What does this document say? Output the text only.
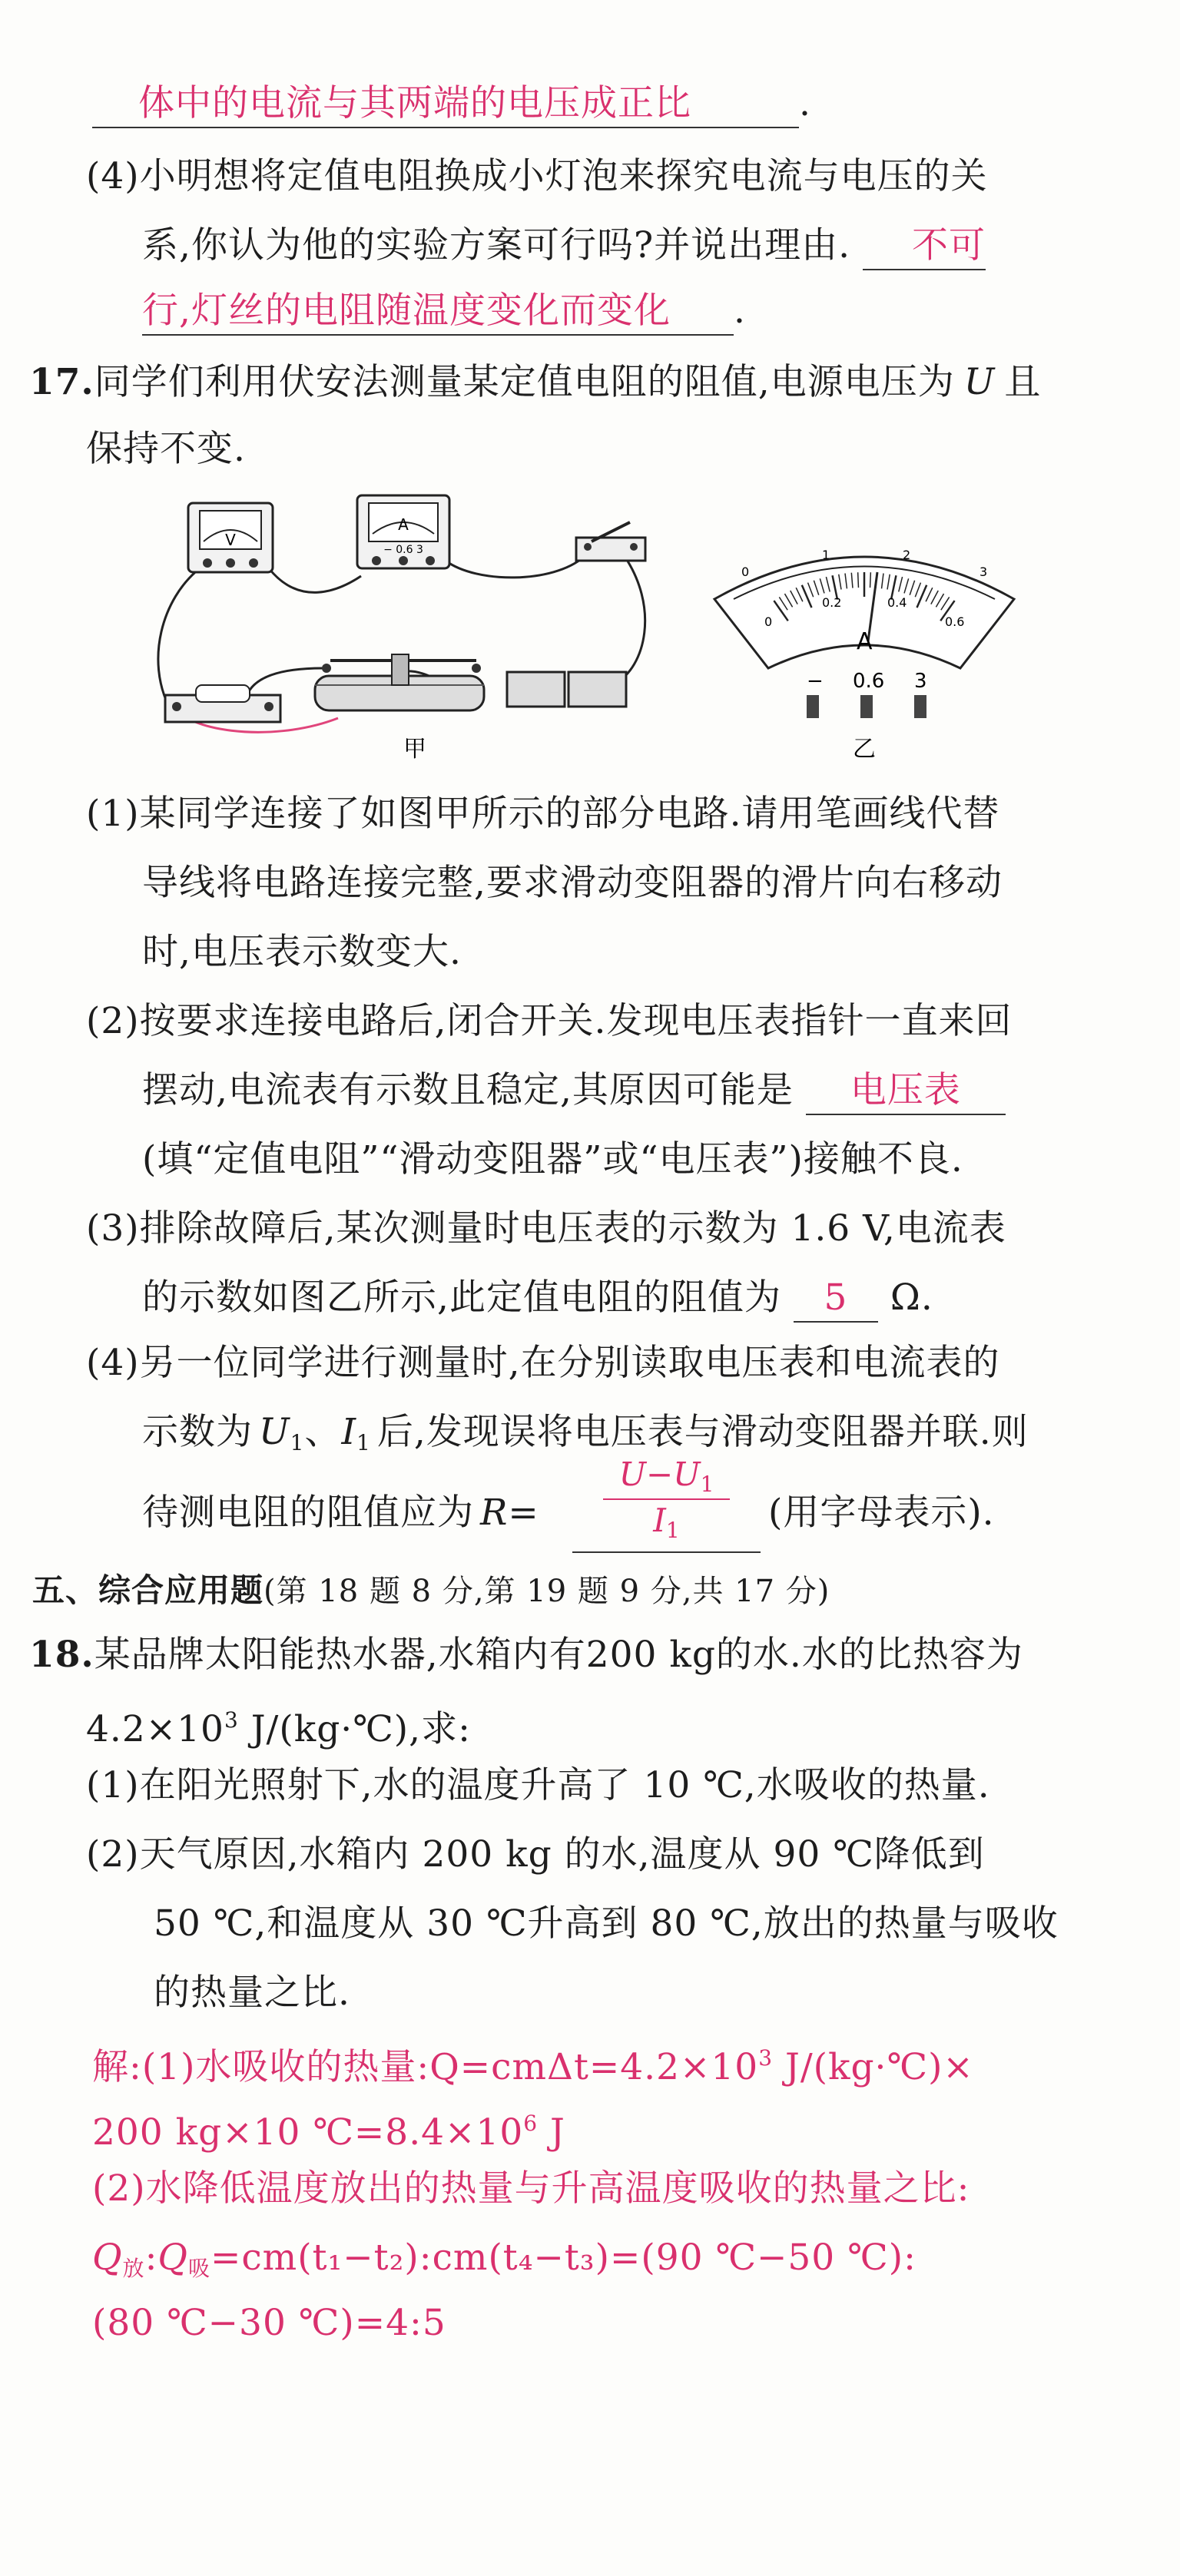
体中的电流与其两端的电压成正比	.
(4)小明想将定值电阻换成小灯泡来探究电流与电压的关
系,你认为他的实验方案可行吗?并说出理由. 不可
行,灯丝的电阻随温度变化而变化 .
17.同学们利用伏安法测量某定值电阻的阻值,电源电压为 U 且
保持不变.
V
A
− 0.6 3
甲
0
1	2
3
0
0.2	0.4
0.6
A
− 0.6 3
乙
(1)某同学连接了如图甲所示的部分电路.请用笔画线代替
导线将电路连接完整,要求滑动变阻器的滑片向右移动
时,电压表示数变大.
(2)按要求连接电路后,闭合开关.发现电压表指针一直来回
摆动,电流表有示数且稳定,其原因可能是 电压表
(填“定值电阻”“滑动变阻器”或“电压表”)接触不良.
(3)排除故障后,某次测量时电压表的示数为 1.6 V,电流表
的示数如图乙所示,此定值电阻的阻值为 5 Ω.
(4)另一位同学进行测量时,在分别读取电压表和电流表的
示数为 $U_1$、$I_1$ 后,发现误将电压表与滑动变阻器并联.则
待测电阻的阻值应为 R=
$U-U_1$
$I_1$	(用字母表示).
五、综合应用题(第 18 题 8 分,第 19 题 9 分,共 17 分)
18.某品牌太阳能热水器,水箱内有200 kg的水.水的比热容为
$4.2\times 10^3$ J/(kg·℃),求:
(1)在阳光照射下,水的温度升高了 10 ℃,水吸收的热量.
(2)天气原因,水箱内 200 kg 的水,温度从 90 ℃降低到
50 ℃,和温度从 30 ℃升高到 80 ℃,放出的热量与吸收
的热量之比.
解:(1)水吸收的热量$:Q=cm\Delta t=4.2\times 10^3$ J/(kg·℃)×
200 kg×10 $℃=8.4\times 10^6$ J
(2)水降低温度放出的热量与升高温度吸收的热量之比:
$Q_放:Q_吸=cm(t_1-t_2):cm(t_4-t_3)=(90$ ℃−50 ℃):
(80 ℃−30 ℃)=4:5
